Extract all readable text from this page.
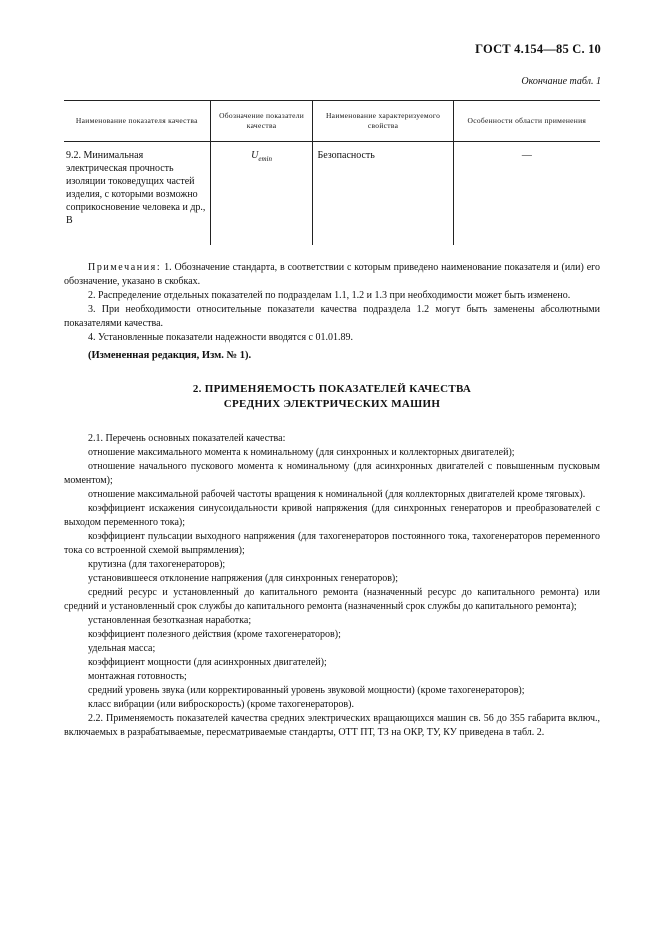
ГОСТ 4.154—85 С. 10
Окончание табл. 1
Наименование показателя качества	Обозначение показатели качества	Наименование характеризуемого свойства	Особенности области применения
9.2. Минимальная электрическая прочность изоляции токоведущих частей изделия, с которыми возможно соприкосновение человека и др., В	$U_{emin}$	Безопасность	—

Примечания: 1. Обозначение стандарта, в соответствии с которым приведено наименование показателя и (или) его обозначение, указано в скобках.

2. Распределение отдельных показателей по подразделам 1.1, 1.2 и 1.3 при необходимости может быть изменено.

3. При необходимости относительные показатели качества подраздела 1.2 могут быть заменены абсолютными показателями качества.

4. Установленные показатели надежности вводятся с 01.01.89.

(Измененная редакция, Изм. № 1).
2. ПРИМЕНЯЕМОСТЬ ПОКАЗАТЕЛЕЙ КАЧЕСТВА
СРЕДНИХ ЭЛЕКТРИЧЕСКИХ МАШИН

2.1. Перечень основных показателей качества:

отношение максимального момента к номинальному (для синхронных и коллекторных двигателей);

отношение начального пускового момента к номинальному (для асинхронных двигателей с повышенным пусковым моментом);

отношение максимальной рабочей частоты вращения к номинальной (для коллекторных двигателей кроме тяговых).

коэффициент искажения синусоидальности кривой напряжения (для синхронных генераторов и преобразователей с выходом переменного тока);

коэффициент пульсации выходного напряжения (для тахогенераторов постоянного тока, тахогенераторов переменного тока со встроенной схемой выпрямления);

крутизна (для тахогенераторов);

установившееся отклонение напряжения (для синхронных генераторов);

средний ресурс и установленный до капитального ремонта (назначенный ресурс до капитального ремонта) или средний и установленный срок службы до капитального ремонта (назначенный срок службы до капитального ремонта);

установленная безотказная наработка;

коэффициент полезного действия (кроме тахогенераторов);

удельная масса;

коэффициент мощности (для асинхронных двигателей);

монтажная готовность;

средний уровень звука (или корректированный уровень звуковой мощности) (кроме тахогенераторов);

класс вибрации (или виброскорость) (кроме тахогенераторов).

2.2. Применяемость показателей качества средних электрических вращающихся машин св. 56 до 355 габарита включ., включаемых в разрабатываемые, пересматриваемые стандарты, ОТТ ПТ, ТЗ на ОКР, ТУ, КУ приведена в табл. 2.
